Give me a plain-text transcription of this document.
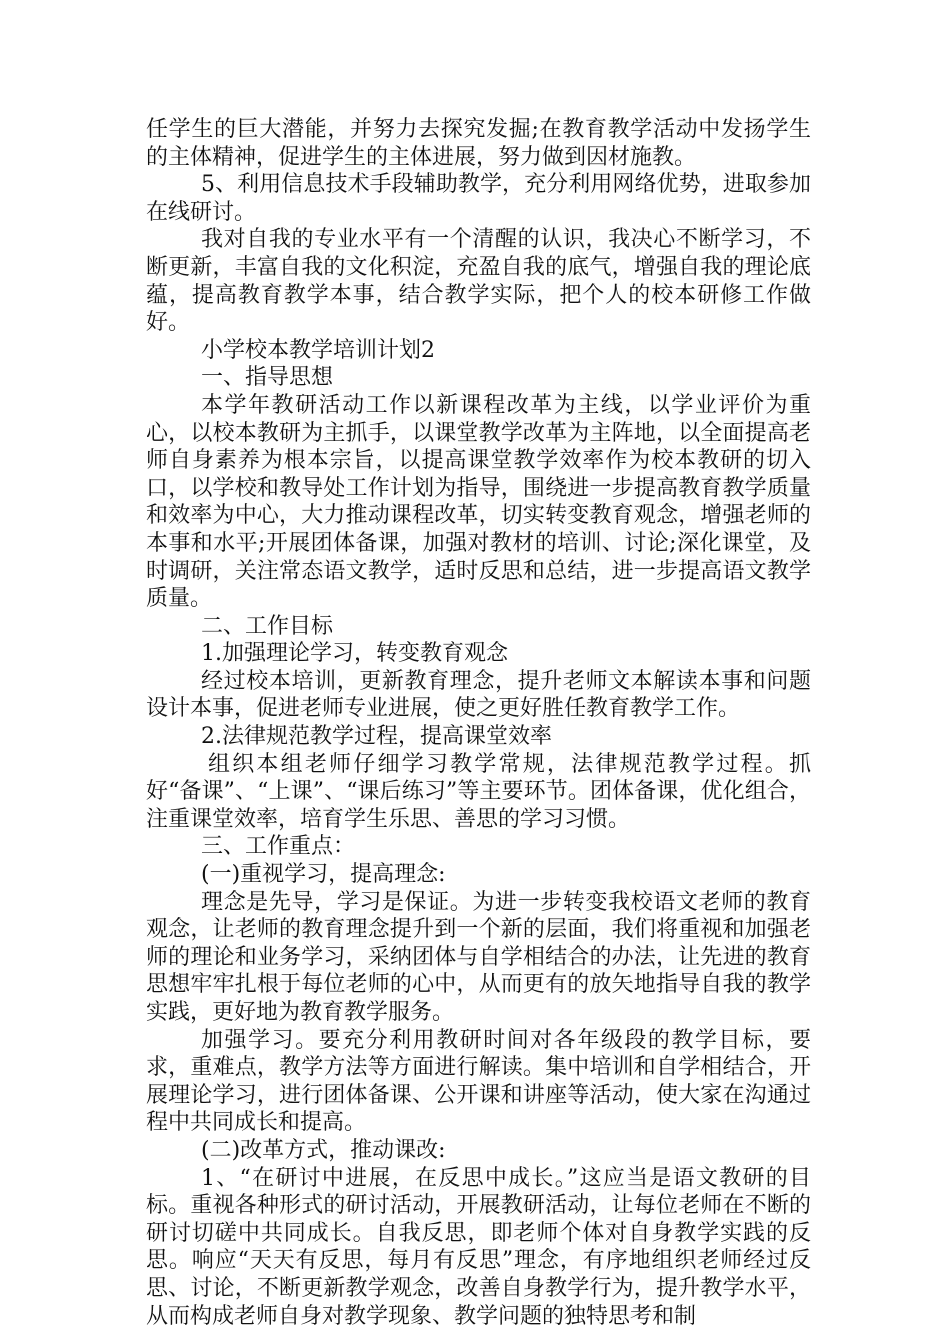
任学生的巨大潜能，并努力去探究发掘;在教育教学活动中发扬学生的主体精神，促进学生的主体进展，努力做到因材施教。

5、利用信息技术手段辅助教学，充分利用网络优势，进取参加在线研讨。

我对自我的专业水平有一个清醒的认识，我决心不断学习，不断更新，丰富自我的文化积淀，充盈自我的底气，增强自我的理论底蕴，提高教育教学本事，结合教学实际，把个人的校本研修工作做好。

小学校本教学培训计划2

一、指导思想

本学年教研活动工作以新课程改革为主线，以学业评价为重心，以校本教研为主抓手，以课堂教学改革为主阵地，以全面提高老师自身素养为根本宗旨，以提高课堂教学效率作为校本教研的切入口，以学校和教导处工作计划为指导，围绕进一步提高教育教学质量和效率为中心，大力推动课程改革，切实转变教育观念，增强老师的本事和水平;开展团体备课，加强对教材的培训、讨论;深化课堂，及时调研，关注常态语文教学，适时反思和总结，进一步提高语文教学质量。

二、工作目标

1.加强理论学习，转变教育观念

经过校本培训，更新教育理念，提升老师文本解读本事和问题设计本事，促进老师专业进展，使之更好胜任教育教学工作。

2.法律规范教学过程，提高课堂效率

组织本组老师仔细学习教学常规，法律规范教学过程。抓好“备课”、“上课”、“课后练习”等主要环节。团体备课，优化组合，注重课堂效率，培育学生乐思、善思的学习习惯。

三、工作重点：

(一)重视学习，提高理念:

理念是先导，学习是保证。为进一步转变我校语文老师的教育观念，让老师的教育理念提升到一个新的层面，我们将重视和加强老师的理论和业务学习，采纳团体与自学相结合的办法，让先进的教育思想牢牢扎根于每位老师的心中，从而更有的放矢地指导自我的教学实践，更好地为教育教学服务。

加强学习。要充分利用教研时间对各年级段的教学目标，要求，重难点，教学方法等方面进行解读。集中培训和自学相结合，开展理论学习，进行团体备课、公开课和讲座等活动，使大家在沟通过程中共同成长和提高。

(二)改革方式，推动课改:

1、“在研讨中进展，在反思中成长。”这应当是语文教研的目标。重视各种形式的研讨活动，开展教研活动，让每位老师在不断的研讨切磋中共同成长。自我反思，即老师个体对自身教学实践的反思。响应“天天有反思，每月有反思”理念，有序地组织老师经过反思、讨论，不断更新教学观念，改善自身教学行为，提升教学水平，从而构成老师自身对教学现象、教学问题的独特思考和制
